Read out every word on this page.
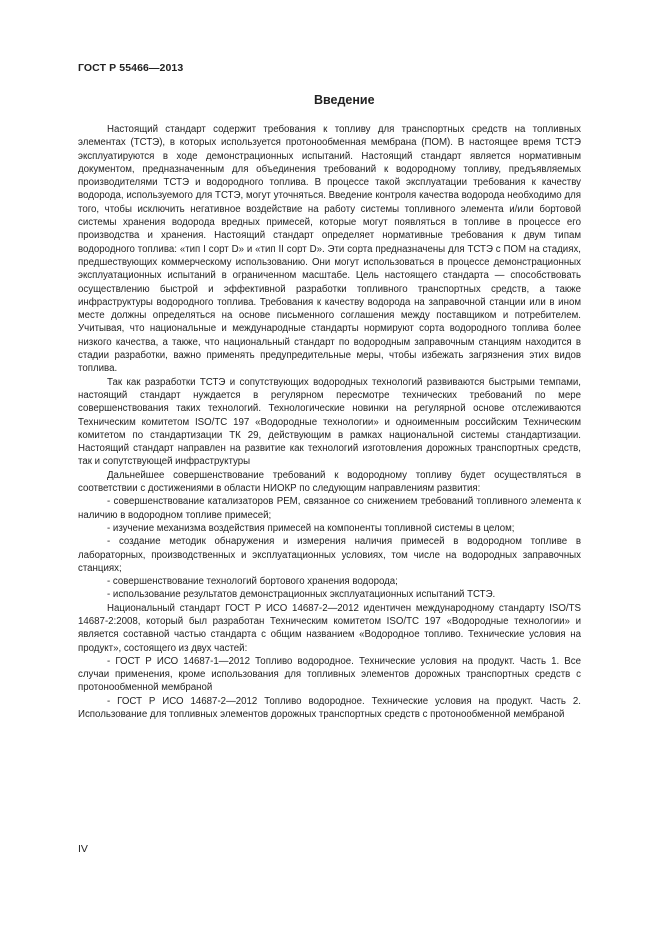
ГОСТ Р 55466—2013
Введение

Настоящий стандарт содержит требования к топливу для транспортных средств на топливных элементах (ТСТЭ), в которых используется протонообменная мембрана (ПОМ). В настоящее время ТСТЭ эксплуатируются в ходе демонстрационных испытаний. Настоящий стандарт является нормативным документом, предназначенным для объединения требований к водородному топливу, предъявляемых производителями ТСТЭ и водородного топлива. В процессе такой эксплуатации требования к качеству водорода, используемого для ТСТЭ, могут уточняться. Введение контроля качества водорода необходимо для того, чтобы исключить негативное воздействие на работу системы топливного элемента и/или бортовой системы хранения водорода вредных примесей, которые могут появляться в топливе в процессе его производства и хранения. Настоящий стандарт определяет нормативные требования к двум типам водородного топлива: «тип I сорт D» и «тип II сорт D». Эти сорта предназначены для ТСТЭ с ПОМ на стадиях, предшествующих коммерческому использованию. Они могут использоваться в процессе демонстрационных эксплуатационных испытаний в ограниченном масштабе. Цель настоящего стандарта — способствовать осуществлению быстрой и эффективной разработки топливного транспортных средств, а также инфраструктуры водородного топлива. Требования к качеству водорода на заправочной станции или в ином месте должны определяться на основе письменного соглашения между поставщиком и потребителем. Учитывая, что национальные и международные стандарты нормируют сорта водородного топлива более низкого качества, а также, что национальный стандарт по водородным заправочным станциям находится в стадии разработки, важно применять предупредительные меры, чтобы избежать загрязнения этих видов топлива.

Так как разработки ТСТЭ и сопутствующих водородных технологий развиваются быстрыми темпами, настоящий стандарт нуждается в регулярном пересмотре технических требований по мере совершенствования таких технологий. Технологические новинки на регулярной основе отслеживаются Техническим комитетом ISO/TC 197 «Водородные технологии» и одноименным российским Техническим комитетом по стандартизации ТК 29, действующим в рамках национальной системы стандартизации. Настоящий стандарт направлен на развитие как технологий изготовления дорожных транспортных средств, так и сопутствующей инфраструктуры

Дальнейшее совершенствование требований к водородному топливу будет осуществляться в соответствии с достижениями в области НИОКР по следующим направлениям развития:

- совершенствование катализаторов PEM, связанное со снижением требований топливного элемента к наличию в водородном топливе примесей;

- изучение механизма воздействия примесей на компоненты топливной системы в целом;

- создание методик обнаружения и измерения наличия примесей в водородном топливе в лабораторных, производственных и эксплуатационных условиях, том числе на водородных заправочных станциях;

- совершенствование технологий бортового хранения водорода;

- использование результатов демонстрационных эксплуатационных испытаний ТСТЭ.

Национальный стандарт ГОСТ Р ИСО 14687-2—2012 идентичен международному стандарту ISO/TS 14687-2:2008, который был разработан Техническим комитетом ISO/TC 197 «Водородные технологии» и является составной частью стандарта с общим названием «Водородное топливо. Технические условия на продукт», состоящего из двух частей:

- ГОСТ Р ИСО 14687-1—2012 Топливо водородное. Технические условия на продукт. Часть 1. Все случаи применения, кроме использования для топливных элементов дорожных транспортных средств с протонообменной мембраной

- ГОСТ Р ИСО 14687-2—2012 Топливо водородное. Технические условия на продукт. Часть 2. Использование для топливных элементов дорожных транспортных средств с протонообменной мембраной

IV
